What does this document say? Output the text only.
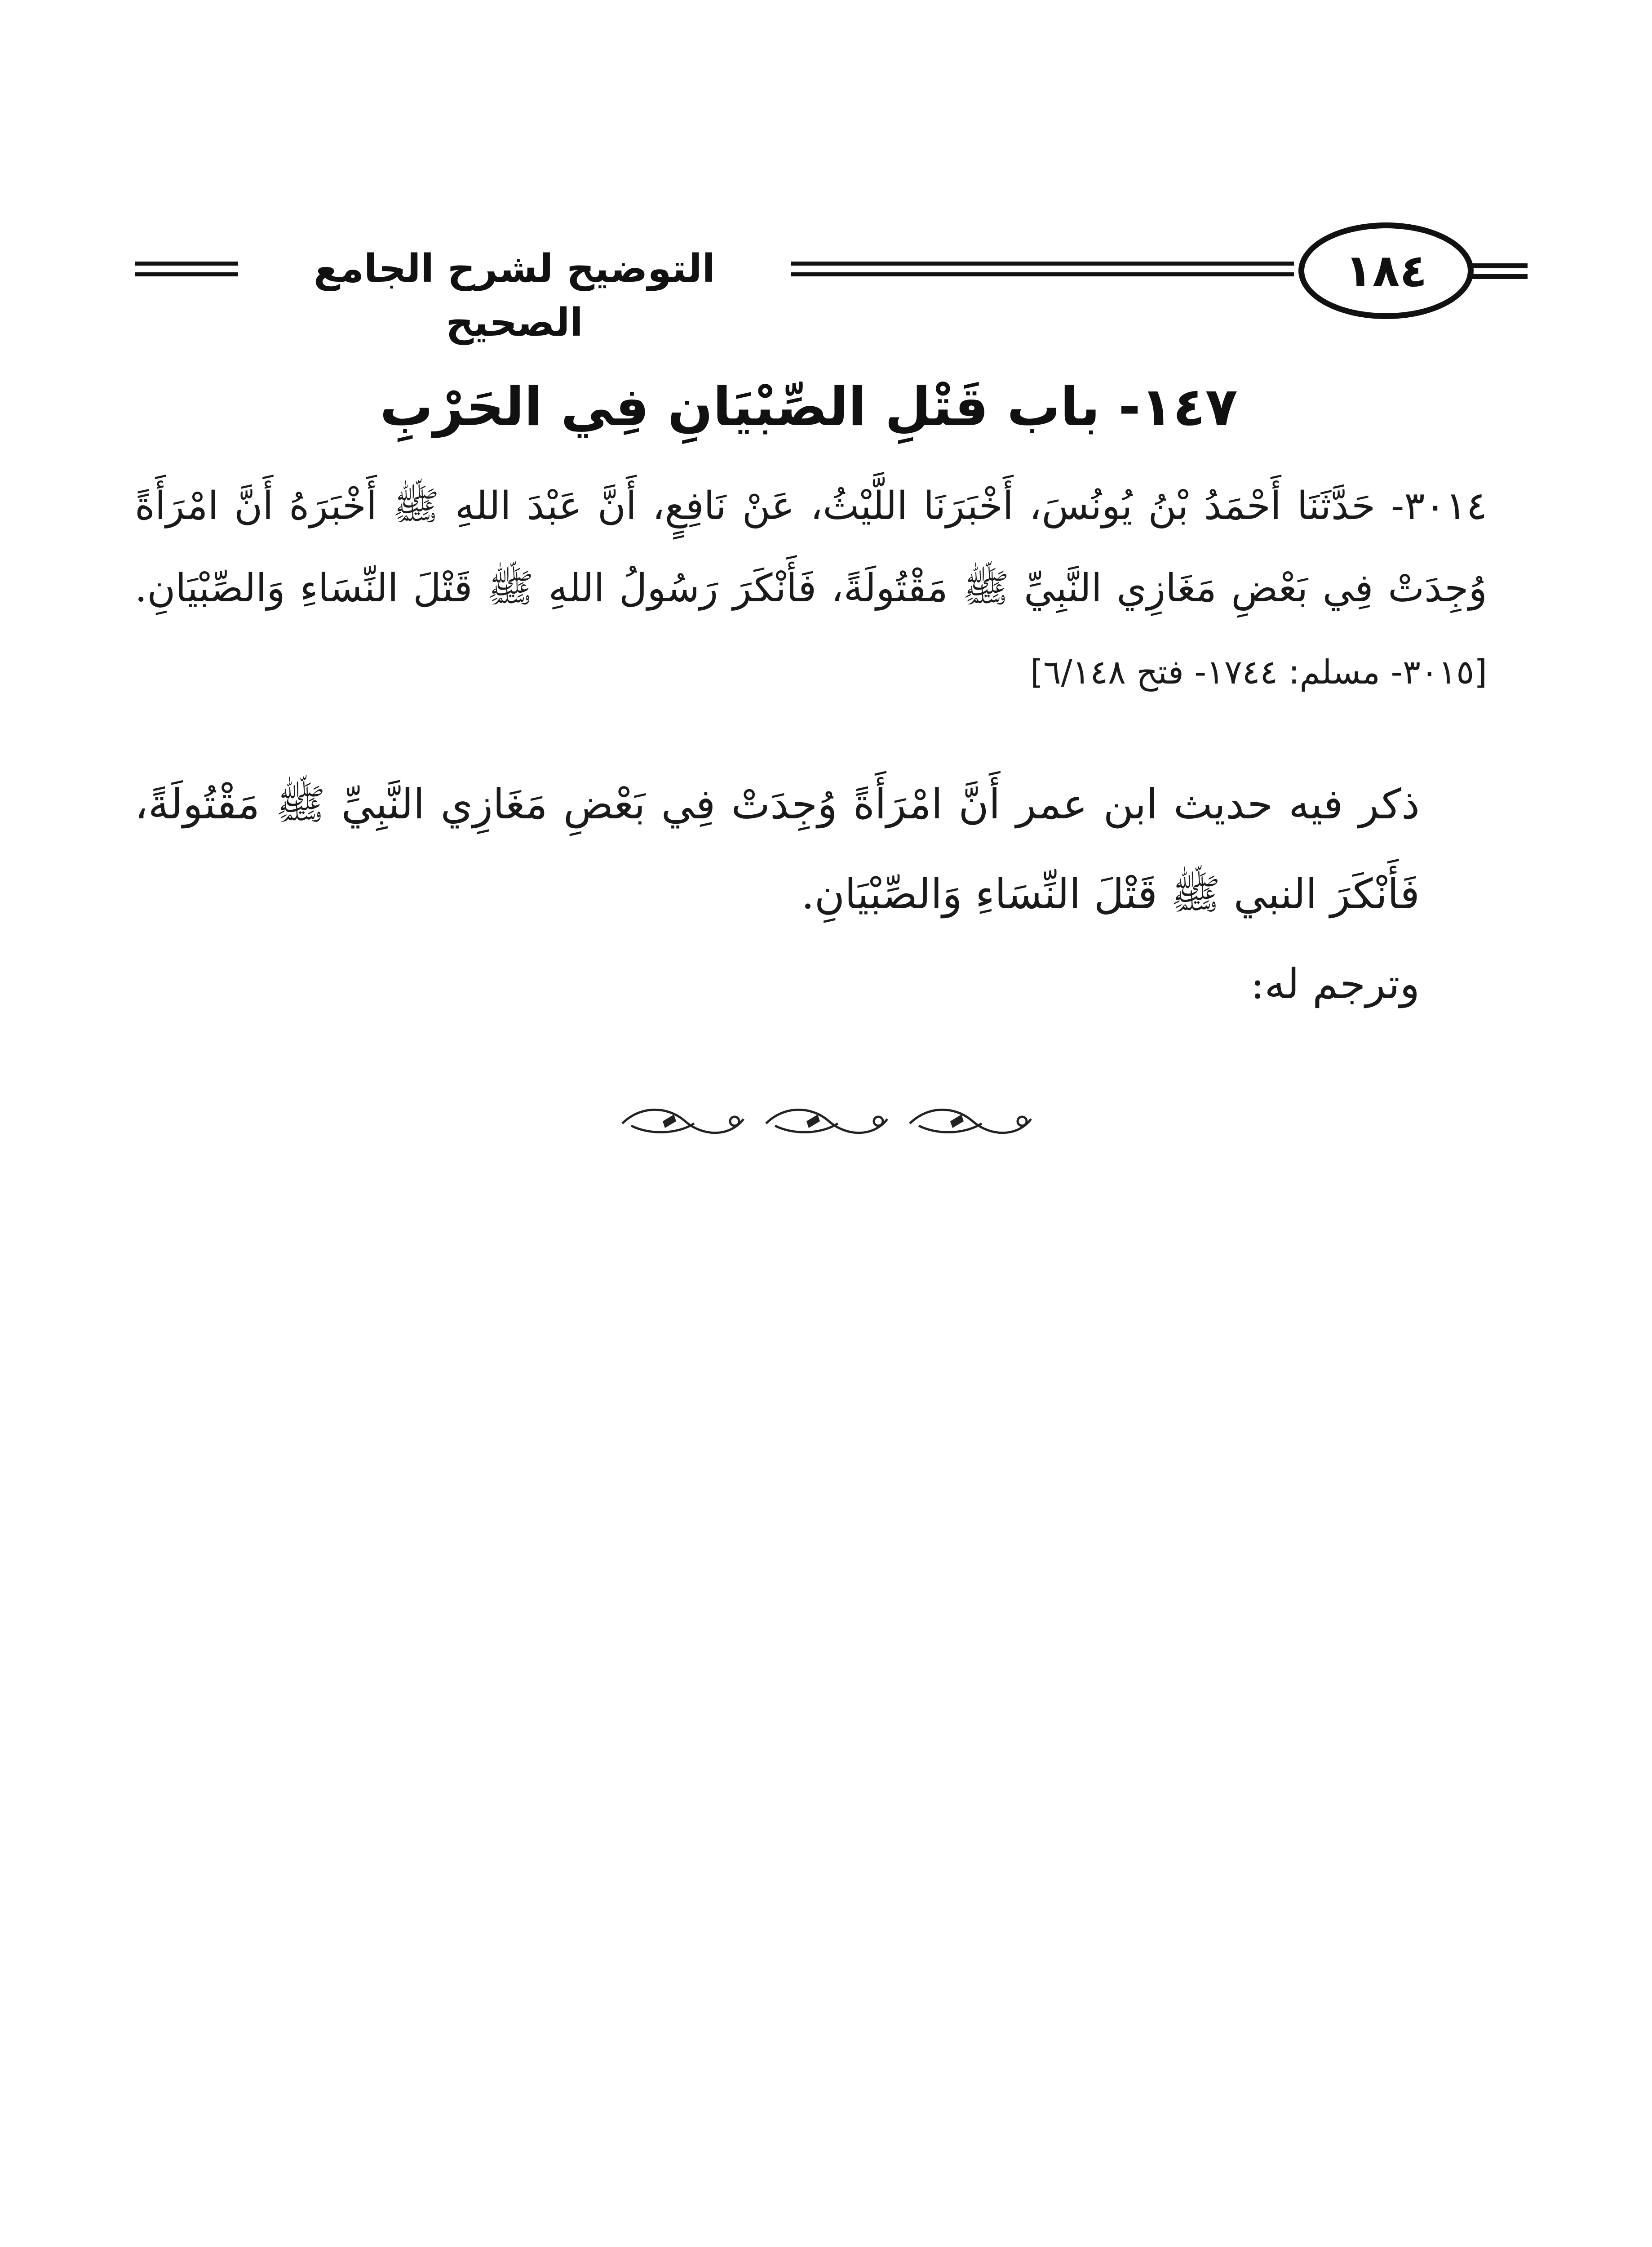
التوضيح لشرح الجامع الصحيح
١٨٤
١٤٧- باب قَتْلِ الصِّبْيَانِ فِي الحَرْبِ
٣٠١٤- حَدَّثَنَا أَحْمَدُ بْنُ يُونُسَ، أَخْبَرَنَا اللَّيْثُ، عَنْ نَافِعٍ، أَنَّ عَبْدَ اللهِ ﷺ أَخْبَرَهُ أَنَّ امْرَأَةً وُجِدَتْ فِي بَعْضِ مَغَازِي النَّبِيِّ ﷺ مَقْتُولَةً، فَأَنْكَرَ رَسُولُ اللهِ ﷺ قَتْلَ النِّسَاءِ وَالصِّبْيَانِ. [٣٠١٥- مسلم: ١٧٤٤- فتح ٦/١٤٨]

ذكر فيه حديث ابن عمر أَنَّ امْرَأَةً وُجِدَتْ فِي بَعْضِ مَغَازِي النَّبِيِّ ﷺ مَقْتُولَةً، فَأَنْكَرَ النبي ﷺ قَتْلَ النِّسَاءِ وَالصِّبْيَانِ.

وترجم له:
